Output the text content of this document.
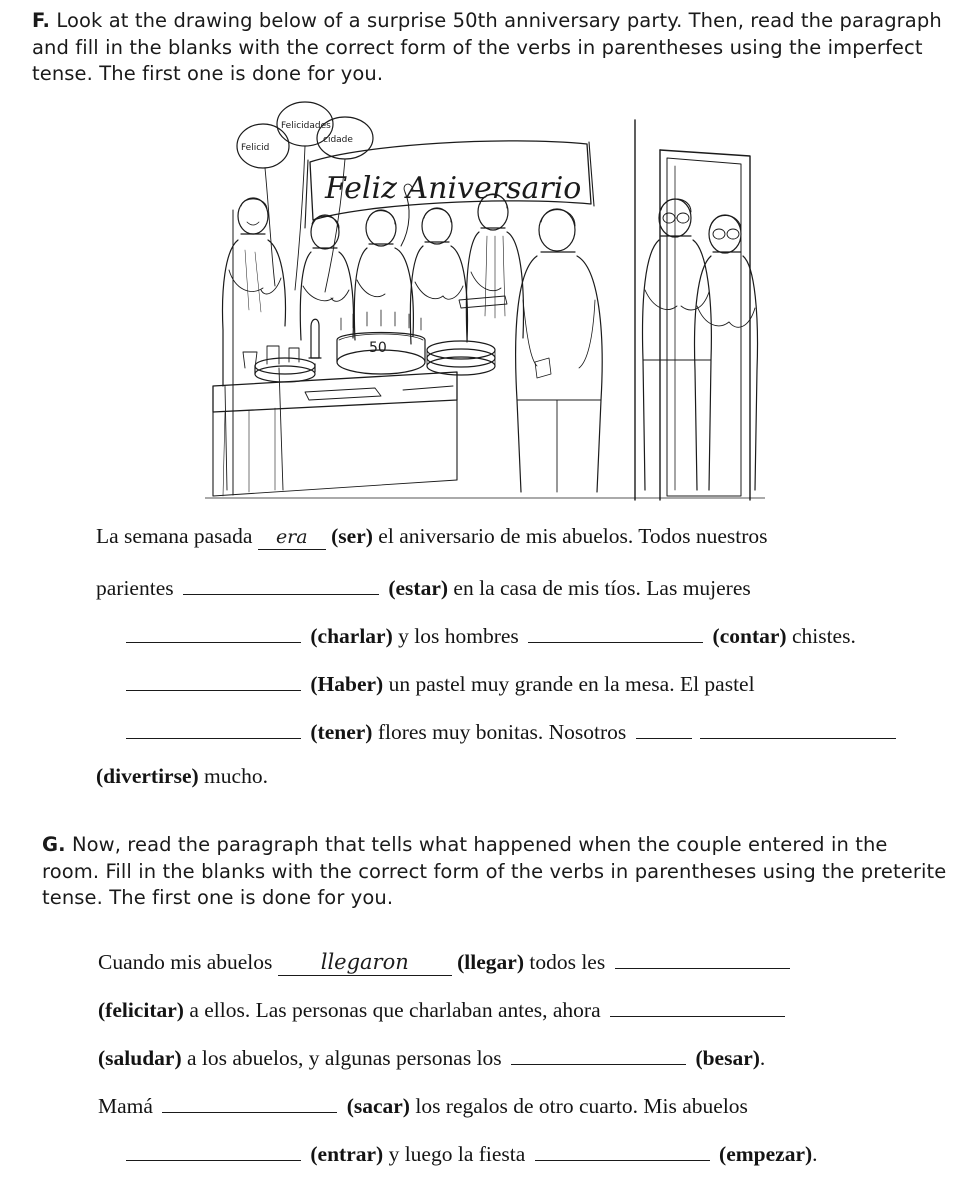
F. Look at the drawing below of a surprise 50th anniversary party. Then, read the paragraph and fill in the blanks with the correct form of the verbs in parentheses using the imperfect tense. The first one is done for you.
Feliz Aniversario
Felicid
Felicidades
cidade
50
La semana pasada era (ser) el aniversario de mis abuelos. Todos nuestros
parientes	(estar) en la casa de mis tíos. Las mujeres
(charlar) y los hombres	(contar) chistes.
(Haber) un pastel muy grande en la mesa. El pastel
(tener) flores muy bonitas. Nosotros
(divertirse) mucho.
G. Now, read the paragraph that tells what happened when the couple entered in the room. Fill in the blanks with the correct form of the verbs in parentheses using the preterite tense. The first one is done for you.
Cuando mis abuelos llegaron (llegar) todos les
(felicitar) a ellos. Las personas que charlaban antes, ahora
(saludar) a los abuelos, y algunas personas los	(besar).
Mamá	(sacar) los regalos de otro cuarto. Mis abuelos
(entrar) y luego la fiesta	(empezar).
